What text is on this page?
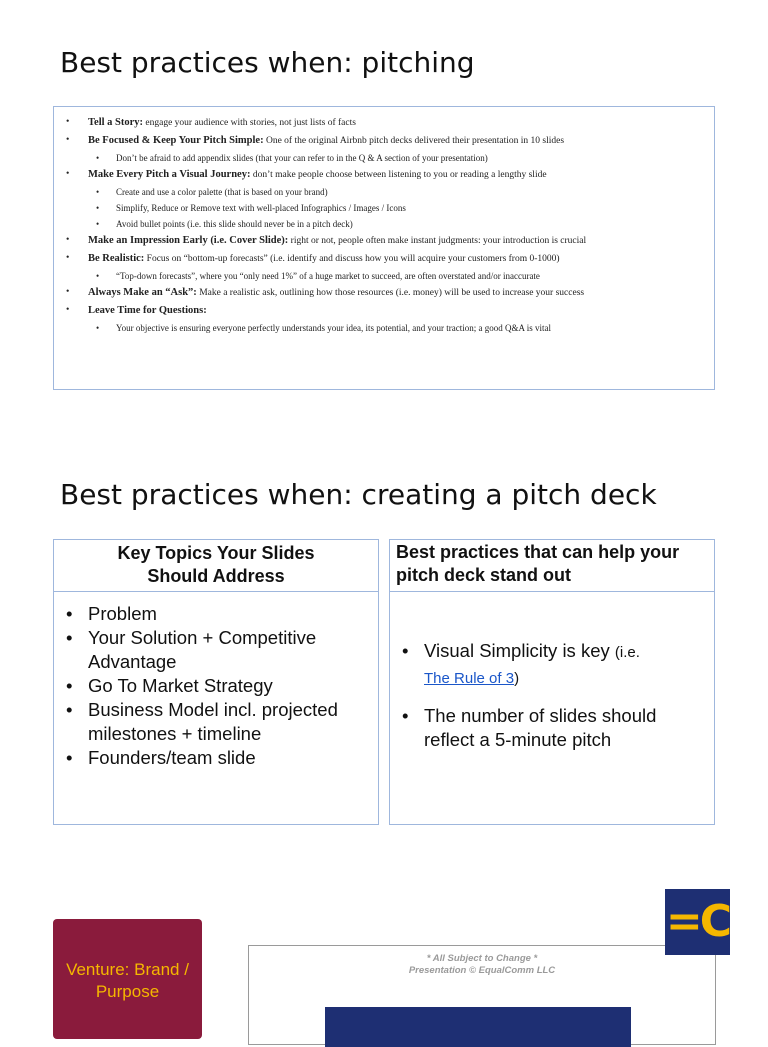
Best practices when: pitching
• Tell a Story: engage your audience with stories, not just lists of facts
• Be Focused & Keep Your Pitch Simple: One of the original Airbnb pitch decks delivered their presentation in 10 slides
• Don’t be afraid to add appendix slides (that your can refer to in the Q & A section of your presentation)
• Make Every Pitch a Visual Journey: don’t make people choose between listening to you or reading a lengthy slide
• Create and use a color palette (that is based on your brand)
• Simplify, Reduce or Remove text with well-placed Infographics / Images / Icons
• Avoid bullet points (i.e. this slide should never be in a pitch deck)
• Make an Impression Early (i.e. Cover Slide): right or not, people often make instant judgments: your introduction is crucial
• Be Realistic: Focus on “bottom-up forecasts” (i.e. identify and discuss how you will acquire your customers from 0-1000)
• “Top-down forecasts”, where you “only need 1%” of a huge market to succeed, are often overstated and/or inaccurate
• Always Make an “Ask”: Make a realistic ask, outlining how those resources (i.e. money) will be used to increase your success
• Leave Time for Questions:
• Your objective is ensuring everyone perfectly understands your idea, its potential, and your traction; a good Q&A is vital
Best practices when: creating a pitch deck
Key Topics Your Slides
Should Address
• Problem
• Your Solution + Competitive Advantage
• Go To Market Strategy
• Business Model incl. projected milestones + timeline
• Founders/team slide
Best practices that can help your pitch deck stand out
• Visual Simplicity is key (i.e.
The Rule of 3)
• The number of slides should reflect a 5-minute pitch
Venture: Brand / Purpose
* All Subject to Change *
Presentation © EqualComm LLC
=C
